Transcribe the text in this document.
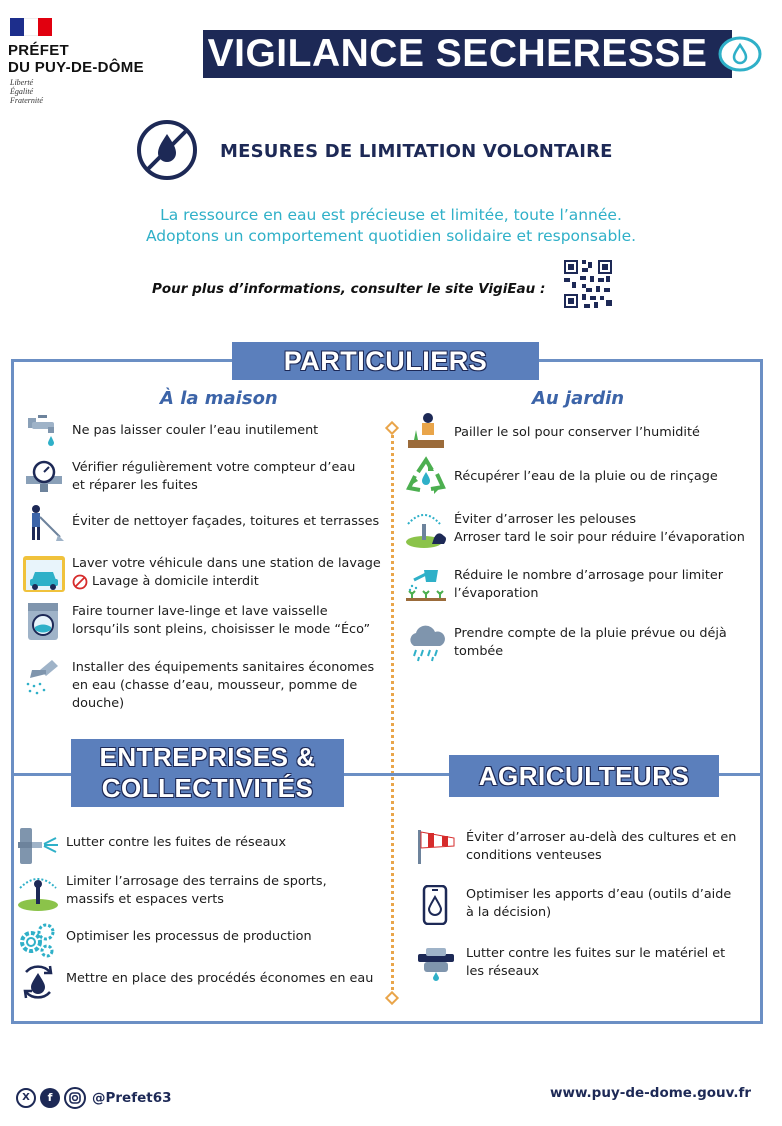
PRÉFET
DU PUY-DE-DÔME
Liberté
Égalité
Fraternité
VIGILANCE SECHERESSE
MESURES DE LIMITATION VOLONTAIRE
La ressource en eau est précieuse et limitée, toute l’année.
Adoptons un comportement quotidien solidaire et responsable.
Pour plus d’informations, consulter le site VigiEau :
PARTICULIERS
À la maison	Au jardin
Ne pas laisser couler l’eau inutilement
Vérifier régulièrement votre compteur d’eau
et réparer les fuites
Éviter de nettoyer façades, toitures et terrasses
Laver votre véhicule dans une station de lavage
Lavage à domicile interdit
Faire tourner lave-linge et lave vaisselle
lorsqu’ils sont pleins, choisisser le mode “Éco”
Installer des équipements sanitaires économes
en eau (chasse d’eau, mousseur, pomme de
douche)
Pailler le sol pour conserver l’humidité
Récupérer l’eau de la pluie ou de rinçage
Éviter d’arroser les pelouses
Arroser tard le soir pour réduire l’évaporation
Réduire le nombre d’arrosage pour limiter
l’évaporation
Prendre compte de la pluie prévue ou déjà
tombée
ENTREPRISES &
COLLECTIVITÉS	AGRICULTEURS
Lutter contre les fuites de réseaux
Limiter l’arrosage des terrains de sports,
massifs et espaces verts
Optimiser les processus de production
Mettre en place des procédés économes en eau
Éviter d’arroser au-delà des cultures et en
conditions venteuses
Optimiser les apports d’eau (outils d’aide
à la décision)
Lutter contre les fuites sur le matériel et
les réseaux
X	f	@Prefet63	www.puy-de-dome.gouv.fr
